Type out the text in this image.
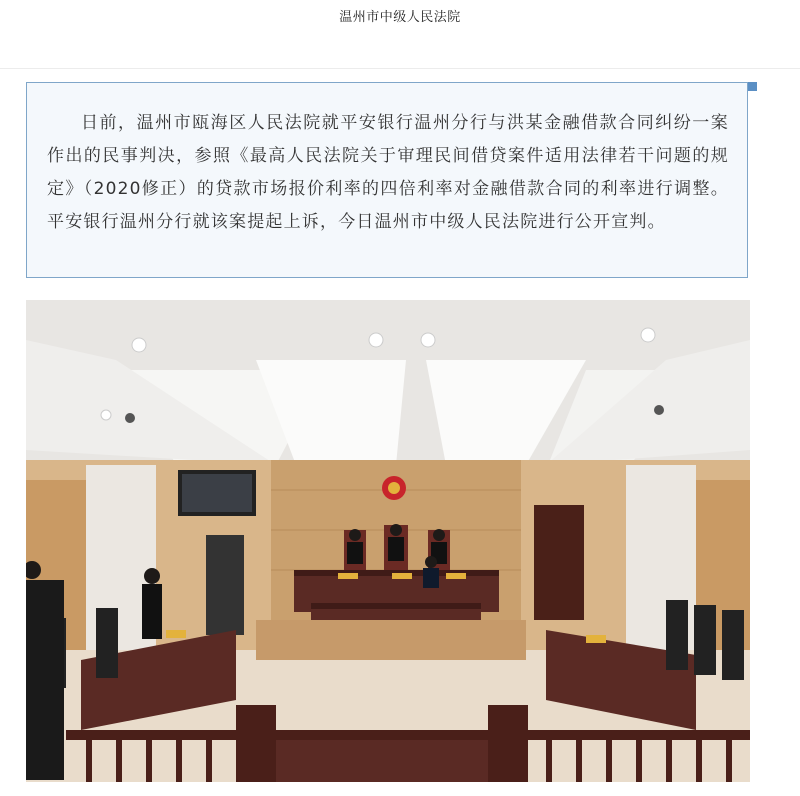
温州市中级人民法院
日前，温州市瓯海区人民法院就平安银行温州分行与洪某金融借款合同纠纷一案作出的民事判决，参照《最高人民法院关于审理民间借贷案件适用法律若干问题的规定》（2020修正）的贷款市场报价利率的四倍利率对金融借款合同的利率进行调整。平安银行温州分行就该案提起上诉，今日温州市中级人民法院进行公开宣判。
